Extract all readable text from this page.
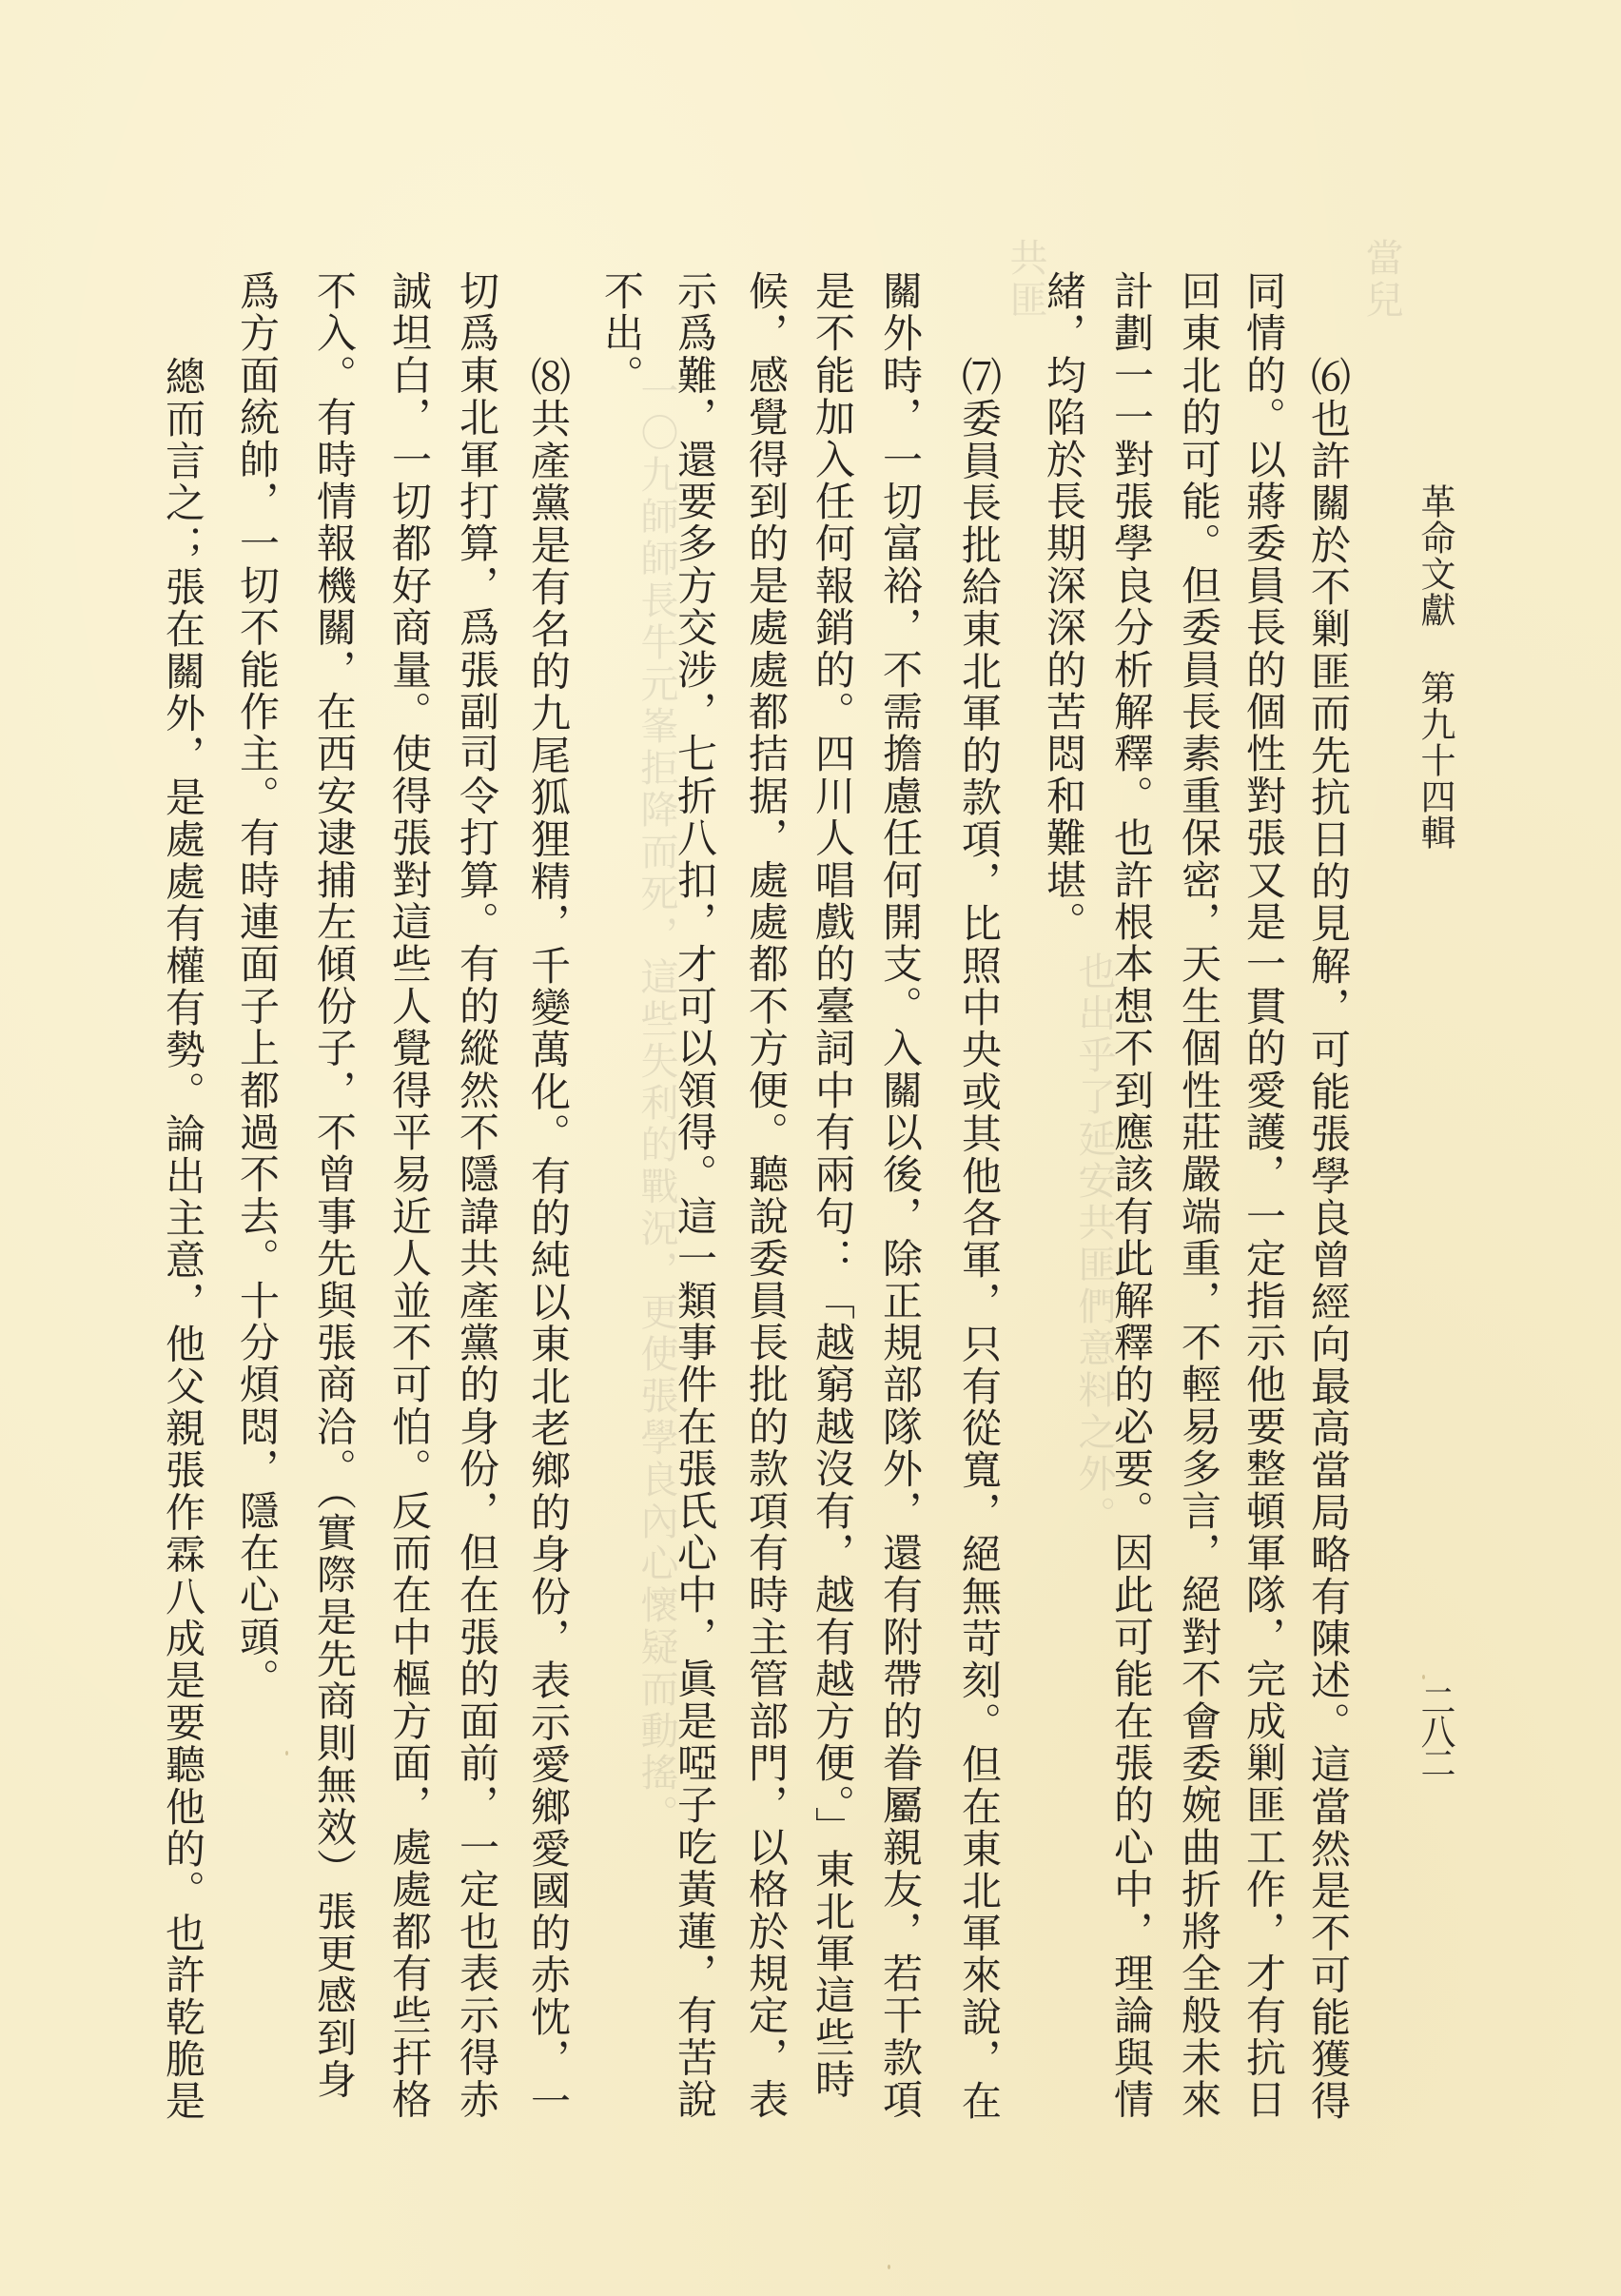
當兒
共匪
一〇九師師長牛元峯拒降而死，這些失利的戰況，更使張學良內心懷疑而動搖。	也出乎了延安共匪們意料之外。
革命文獻第九十四輯
二八二
⑹也許關於不剿匪而先抗日的見解，可能張學良曾經向最高當局略有陳述。這當然是不可能獲得
同情的。以蔣委員長的個性對張又是一貫的愛護，一定指示他要整頓軍隊，完成剿匪工作，才有抗日
回東北的可能。但委員長素重保密，天生個性莊嚴端重，不輕易多言，絕對不會委婉曲折將全般未來
計劃一一對張學良分析解釋。也許根本想不到應該有此解釋的必要。因此可能在張的心中，理論與情
緒，均陷於長期深深的苦悶和難堪。
⑺委員長批給東北軍的款項，比照中央或其他各軍，只有從寬，絕無苛刻。但在東北軍來說，在
關外時，一切富裕，不需擔慮任何開支。入關以後，除正規部隊外，還有附帶的眷屬親友，若干款項
是不能加入任何報銷的。四川人唱戲的臺詞中有兩句：「越窮越沒有，越有越方便。」東北軍這些時
候，感覺得到的是處處都拮据，處處都不方便。聽說委員長批的款項有時主管部門，以格於規定，表
示爲難，還要多方交涉，七折八扣，才可以領得。這一類事件在張氏心中，眞是啞子吃黃蓮，有苦說
不出。
⑻共產黨是有名的九尾狐狸精，千變萬化。有的純以東北老鄉的身份，表示愛鄉愛國的赤忱，一
切爲東北軍打算，爲張副司令打算。有的縱然不隱諱共產黨的身份，但在張的面前，一定也表示得赤
誠坦白，一切都好商量。使得張對這些人覺得平易近人並不可怕。反而在中樞方面，處處都有些扞格
不入。有時情報機關，在西安逮捕左傾份子，不曾事先與張商洽。（實際是先商則無效）張更感到身
爲方面統帥，一切不能作主。有時連面子上都過不去。十分煩悶，隱在心頭。
總而言之；張在關外，是處處有權有勢。論出主意，他父親張作霖八成是要聽他的。也許乾脆是
